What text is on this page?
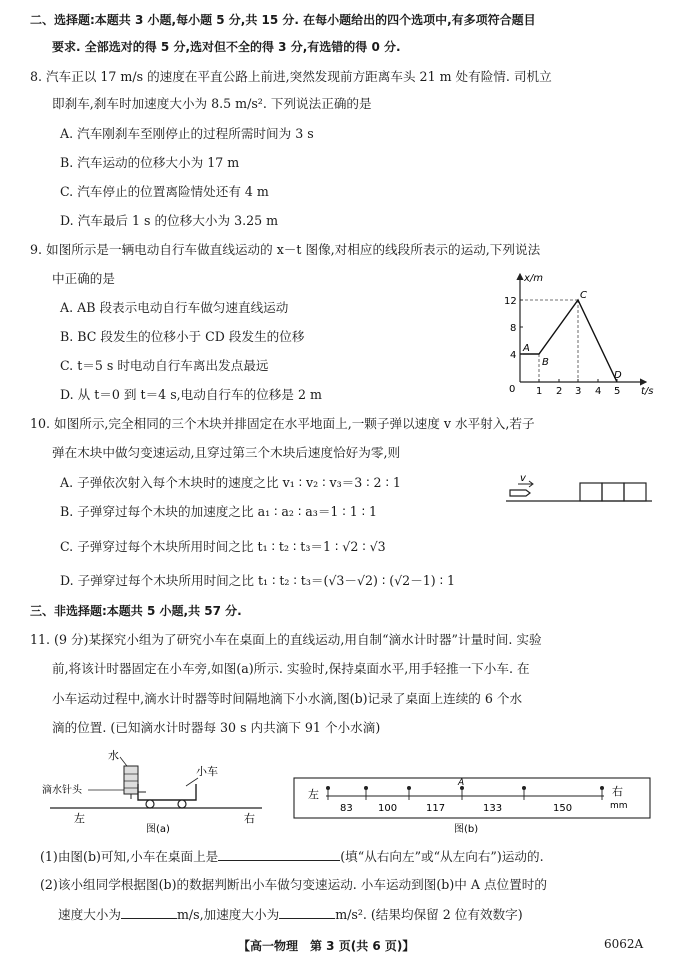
二、选择题:本题共 3 小题,每小题 5 分,共 15 分. 在每小题给出的四个选项中,有多项符合题目
要求. 全部选对的得 5 分,选对但不全的得 3 分,有选错的得 0 分.
8. 汽车正以 17 m/s 的速度在平直公路上前进,突然发现前方距离车头 21 m 处有险情. 司机立
即刹车,刹车时加速度大小为 8.5 m/s². 下列说法正确的是
A. 汽车刚刹车至刚停止的过程所需时间为 3 s
B. 汽车运动的位移大小为 17 m
C. 汽车停止的位置离险情处还有 4 m
D. 汽车最后 1 s 的位移大小为 3.25 m
9. 如图所示是一辆电动自行车做直线运动的 x－t 图像,对相应的线段所表示的运动,下列说法
中正确的是
A. AB 段表示电动自行车做匀速直线运动
B. BC 段发生的位移小于 CD 段发生的位移
C. t＝5 s 时电动自行车离出发点最远
D. 从 t＝0 到 t＝4 s,电动自行车的位移是 2 m
x/m
t/s
0
4
8
12
1 2 3 4 5
A
B
C
D
10. 如图所示,完全相同的三个木块并排固定在水平地面上,一颗子弹以速度 v 水平射入,若子
弹在木块中做匀变速运动,且穿过第三个木块后速度恰好为零,则
A. 子弹依次射入每个木块时的速度之比 v₁ ∶ v₂ ∶ v₃＝3 ∶ 2 ∶ 1
B. 子弹穿过每个木块的加速度之比 a₁ ∶ a₂ ∶ a₃＝1 ∶ 1 ∶ 1
C. 子弹穿过每个木块所用时间之比 t₁ ∶ t₂ ∶ t₃＝1 ∶ √2 ∶ √3
D. 子弹穿过每个木块所用时间之比 t₁ ∶ t₂ ∶ t₃＝(√3－√2) ∶ (√2－1) ∶ 1
v
三、非选择题:本题共 5 小题,共 57 分.
11. (9 分)某探究小组为了研究小车在桌面上的直线运动,用自制“滴水计时器”计量时间. 实验
前,将该计时器固定在小车旁,如图(a)所示. 实验时,保持桌面水平,用手轻推一下小车. 在
小车运动过程中,滴水计时器等时间隔地滴下小水滴,图(b)记录了桌面上连续的 6 个水
滴的位置. (已知滴水计时器每 30 s 内共滴下 91 个小水滴)
水
小车
滴水针头
左	右
图(a)
左	右
mm
A
83	100	117	133	150
图(b)
(1)由图(b)可知,小车在桌面上是	(填“从右向左”或“从左向右”)运动的.
(2)该小组同学根据图(b)的数据判断出小车做匀变速运动. 小车运动到图(b)中 A 点位置时的
速度大小为	m/s,加速度大小为	m/s². (结果均保留 2 位有效数字)
【高一物理　第 3 页(共 6 页)】	6062A
